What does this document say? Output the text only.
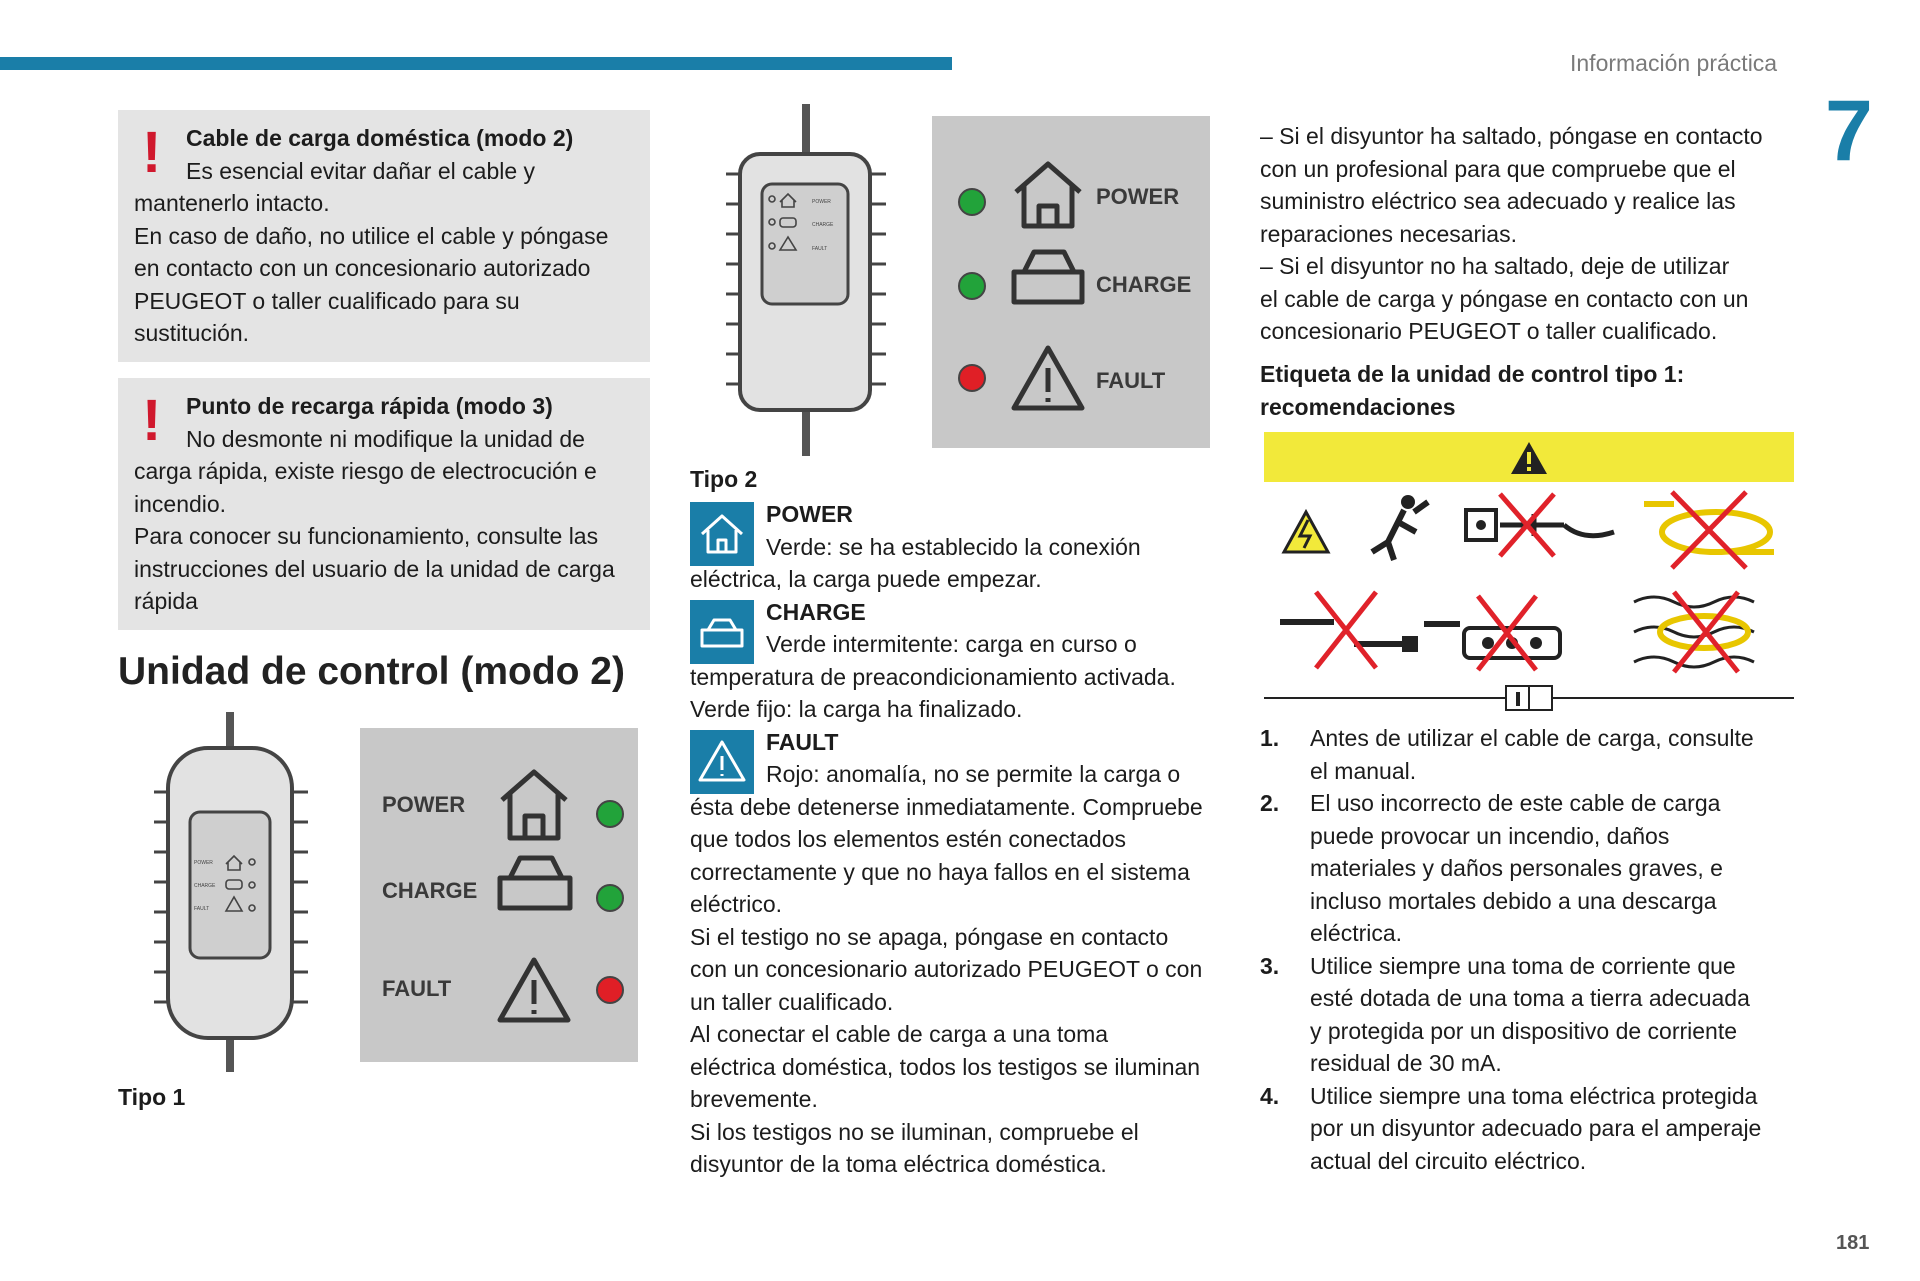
Información práctica
7
!	Cable de carga doméstica (modo 2)

Es esencial evitar dañar el cable y

mantenerlo intacto.

En caso de daño, no utilice el cable y póngase

en contacto con un concesionario autorizado

PEUGEOT o taller cualificado para su

sustitución.

!	Punto de recarga rápida (modo 3)

No desmonte ni modifique la unidad de

carga rápida, existe riesgo de electrocución e

incendio.

Para conocer su funcionamiento, consulte las

instrucciones del usuario de la unidad de carga

rápida

Unidad de control (modo 2)
POWER
CHARGE
FAULT
POWER
CHARGE
FAULT
Tipo 1
POWER
CHARGE
FAULT
POWER
CHARGE
FAULT
Tipo 2

POWER

Verde: se ha establecido la conexión

eléctrica, la carga puede empezar.

CHARGE

Verde intermitente: carga en curso o

temperatura de preacondicionamiento activada.

Verde fijo: la carga ha finalizado.

FAULT

Rojo: anomalía, no se permite la carga o

ésta debe detenerse inmediatamente. Compruebe

que todos los elementos estén conectados

correctamente y que no haya fallos en el sistema

eléctrico.

Si el testigo no se apaga, póngase en contacto

con un concesionario autorizado PEUGEOT o con

un taller cualificado.

Al conectar el cable de carga a una toma

eléctrica doméstica, todos los testigos se iluminan

brevemente.

Si los testigos no se iluminan, compruebe el

disyuntor de la toma eléctrica doméstica.

– Si el disyuntor ha saltado, póngase en contacto

con un profesional para que compruebe que el

suministro eléctrico sea adecuado y realice las

reparaciones necesarias.

– Si el disyuntor no ha saltado, deje de utilizar

el cable de carga y póngase en contacto con un

concesionario PEUGEOT o taller cualificado.

Etiqueta de la unidad de control tipo 1:
recomendaciones
1. Antes de utilizar el cable de carga, consulte
el manual.
2. El uso incorrecto de este cable de carga
puede provocar un incendio, daños
materiales y daños personales graves, e
incluso mortales debido a una descarga
eléctrica.
3. Utilice siempre una toma de corriente que
esté dotada de una toma a tierra adecuada
y protegida por un dispositivo de corriente
residual de 30 mA.
4. Utilice siempre una toma eléctrica protegida
por un disyuntor adecuado para el amperaje
actual del circuito eléctrico.
181
